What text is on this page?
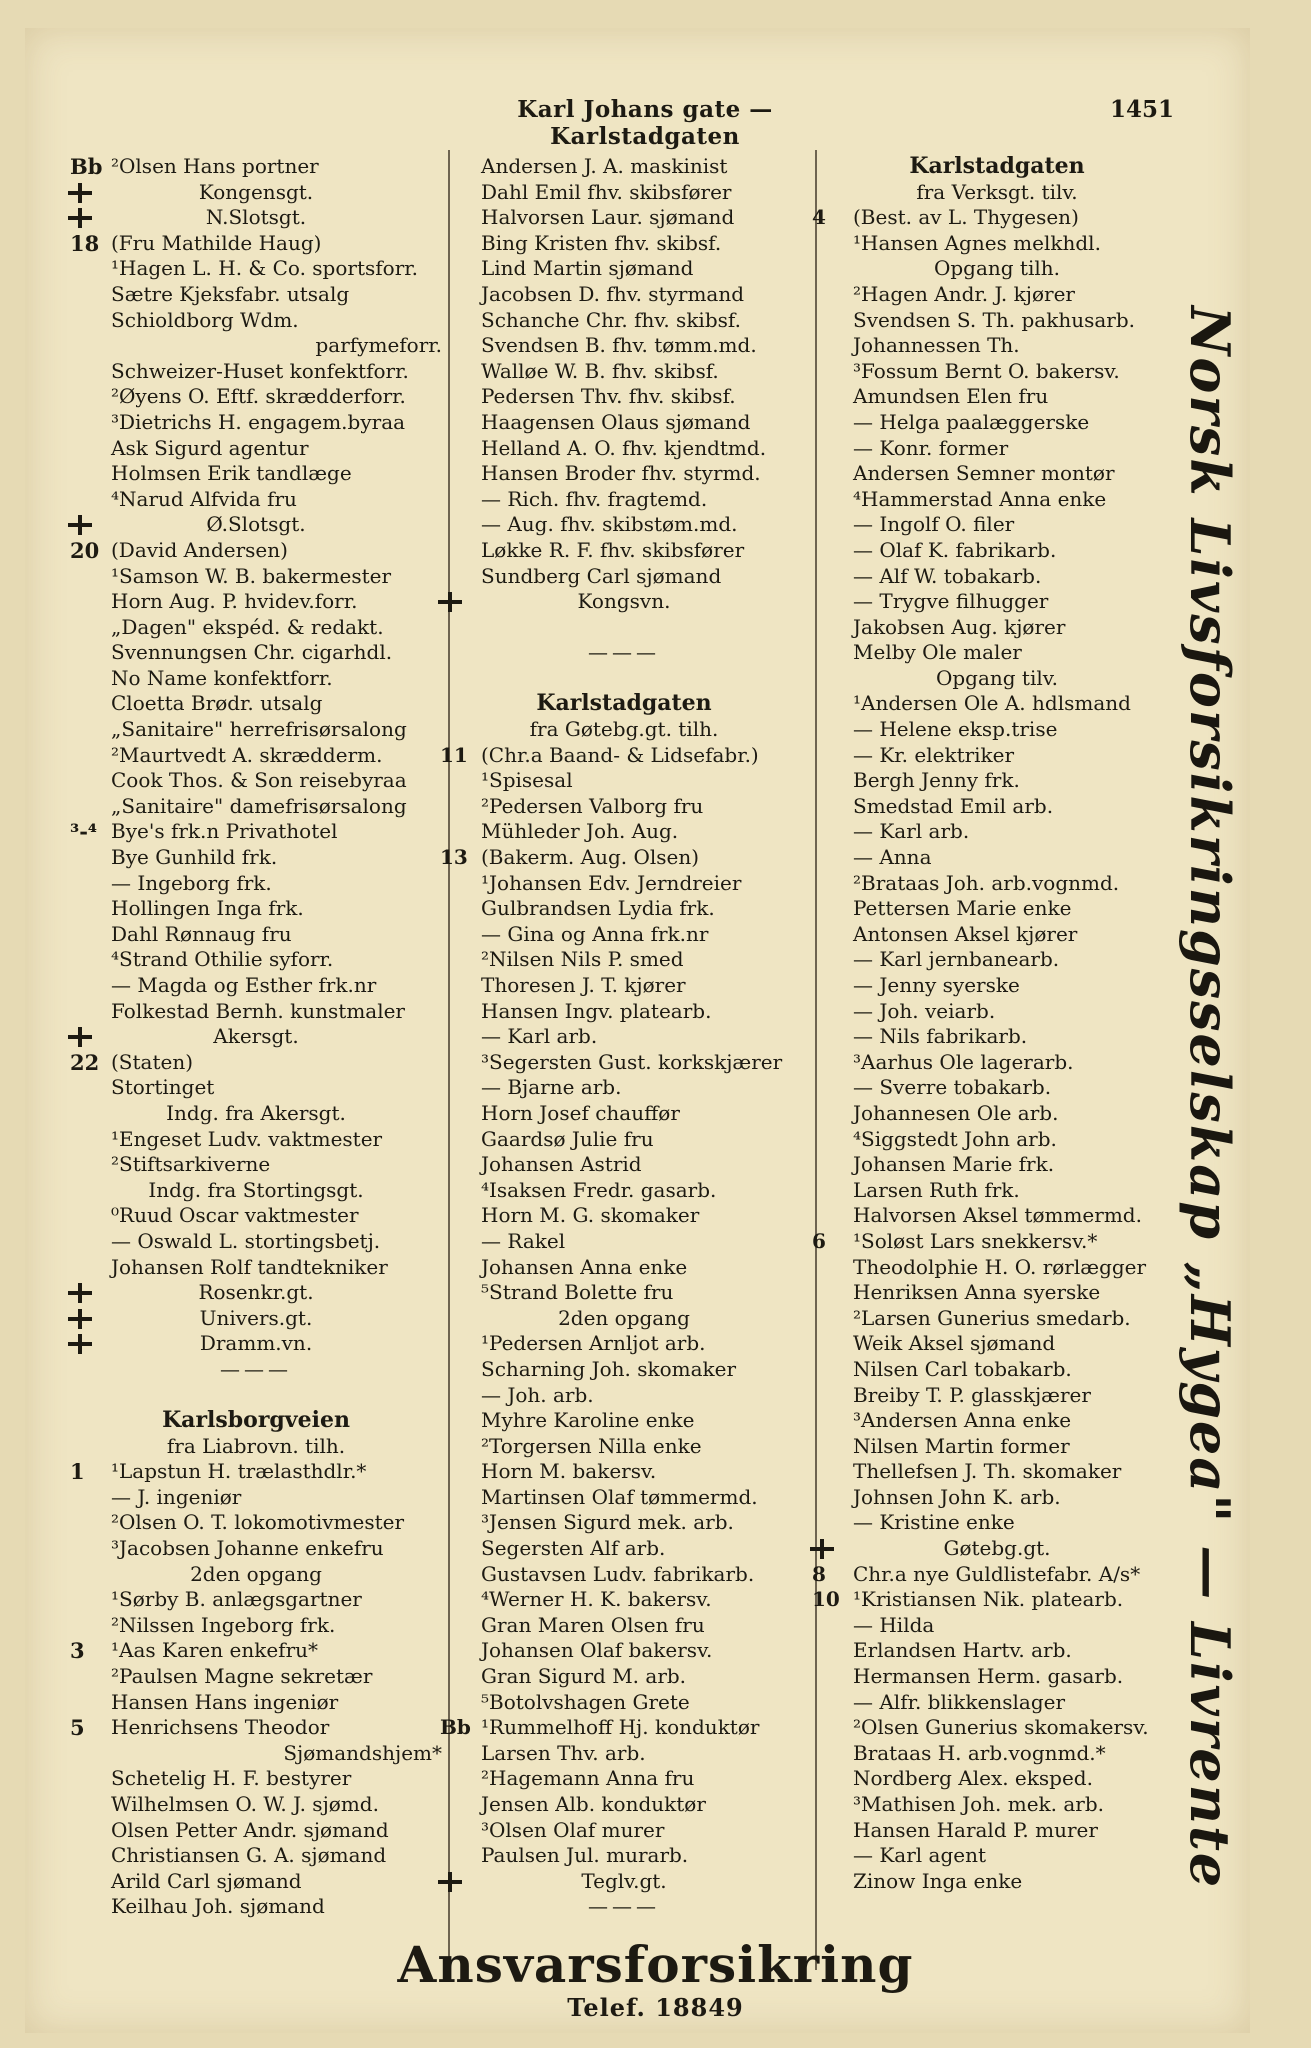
Karl Johans gate — Karlstadgaten
1451
Bb ²Olsen Hans portner
Kongensgt.
N.Slotsgt.
18 (Fru Mathilde Haug)
¹Hagen L. H. & Co. sportsforr.
Sætre Kjeksfabr. utsalg
Schioldborg Wdm.
parfymeforr.
Schweizer-Huset konfektforr.
²Øyens O. Eftf. skrædderforr.
³Dietrichs H. engagem.byraa
Ask Sigurd agentur
Holmsen Erik tandlæge
⁴Narud Alfvida fru
Ø.Slotsgt.
20 (David Andersen)
¹Samson W. B. bakermester
Horn Aug. P. hvidev.forr.
„Dagen" ekspéd. & redakt.
Svennungsen Chr. cigarhdl.
No Name konfektforr.
Cloetta Brødr. utsalg
„Sanitaire" herrefrisørsalong
²Maurtvedt A. skrædderm.
Cook Thos. & Son reisebyraa
„Sanitaire" damefrisørsalong
³-⁴ Bye's frk.n Privathotel
Bye Gunhild frk.
— Ingeborg frk.
Hollingen Inga frk.
Dahl Rønnaug fru
⁴Strand Othilie syforr.
— Magda og Esther frk.nr
Folkestad Bernh. kunstmaler
Akersgt.
22 (Staten)
Stortinget
Indg. fra Akersgt.
¹Engeset Ludv. vaktmester
²Stiftsarkiverne
Indg. fra Stortingsgt.
⁰Ruud Oscar vaktmester
— Oswald L. stortingsbetj.
Johansen Rolf tandtekniker
Rosenkr.gt.
Univers.gt.
Dramm.vn.
———
Karlsborgveien
fra Liabrovn. tilh.
1 ¹Lapstun H. trælasthdlr.*
— J. ingeniør
²Olsen O. T. lokomotivmester
³Jacobsen Johanne enkefru
2den opgang
¹Sørby B. anlægsgartner
²Nilssen Ingeborg frk.
3 ¹Aas Karen enkefru*
²Paulsen Magne sekretær
Hansen Hans ingeniør
5 Henrichsens Theodor
Sjømandshjem*
Schetelig H. F. bestyrer
Wilhelmsen O. W. J. sjømd.
Olsen Petter Andr. sjømand
Christiansen G. A. sjømand
Arild Carl sjømand
Keilhau Joh. sjømand
Andersen J. A. maskinist
Dahl Emil fhv. skibsfører
Halvorsen Laur. sjømand
Bing Kristen fhv. skibsf.
Lind Martin sjømand
Jacobsen D. fhv. styrmand
Schanche Chr. fhv. skibsf.
Svendsen B. fhv. tømm.md.
Walløe W. B. fhv. skibsf.
Pedersen Thv. fhv. skibsf.
Haagensen Olaus sjømand
Helland A. O. fhv. kjendtmd.
Hansen Broder fhv. styrmd.
— Rich. fhv. fragtemd.
— Aug. fhv. skibstøm.md.
Løkke R. F. fhv. skibsfører
Sundberg Carl sjømand
Kongsvn.
———
Karlstadgaten
fra Gøtebg.gt. tilh.
11 (Chr.a Baand- & Lidsefabr.)
¹Spisesal
²Pedersen Valborg fru
Mühleder Joh. Aug.
13 (Bakerm. Aug. Olsen)
¹Johansen Edv. Jerndreier
Gulbrandsen Lydia frk.
— Gina og Anna frk.nr
²Nilsen Nils P. smed
Thoresen J. T. kjører
Hansen Ingv. platearb.
— Karl arb.
³Segersten Gust. korkskjærer
— Bjarne arb.
Horn Josef chauffør
Gaardsø Julie fru
Johansen Astrid
⁴Isaksen Fredr. gasarb.
Horn M. G. skomaker
— Rakel
Johansen Anna enke
⁵Strand Bolette fru
2den opgang
¹Pedersen Arnljot arb.
Scharning Joh. skomaker
— Joh. arb.
Myhre Karoline enke
²Torgersen Nilla enke
Horn M. bakersv.
Martinsen Olaf tømmermd.
³Jensen Sigurd mek. arb.
Segersten Alf arb.
Gustavsen Ludv. fabrikarb.
⁴Werner H. K. bakersv.
Gran Maren Olsen fru
Johansen Olaf bakersv.
Gran Sigurd M. arb.
⁵Botolvshagen Grete
Bb ¹Rummelhoff Hj. konduktør
Larsen Thv. arb.
²Hagemann Anna fru
Jensen Alb. konduktør
³Olsen Olaf murer
Paulsen Jul. murarb.
Teglv.gt.
———
Karlstadgaten
fra Verksgt. tilv.
4 (Best. av L. Thygesen)
¹Hansen Agnes melkhdl.
Opgang tilh.
²Hagen Andr. J. kjører
Svendsen S. Th. pakhusarb.
Johannessen Th.
³Fossum Bernt O. bakersv.
Amundsen Elen fru
— Helga paalæggerske
— Konr. former
Andersen Semner montør
⁴Hammerstad Anna enke
— Ingolf O. filer
— Olaf K. fabrikarb.
— Alf W. tobakarb.
— Trygve filhugger
Jakobsen Aug. kjører
Melby Ole maler
Opgang tilv.
¹Andersen Ole A. hdlsmand
— Helene eksp.trise
— Kr. elektriker
Bergh Jenny frk.
Smedstad Emil arb.
— Karl arb.
— Anna
²Brataas Joh. arb.vognmd.
Pettersen Marie enke
Antonsen Aksel kjører
— Karl jernbanearb.
— Jenny syerske
— Joh. veiarb.
— Nils fabrikarb.
³Aarhus Ole lagerarb.
— Sverre tobakarb.
Johannesen Ole arb.
⁴Siggstedt John arb.
Johansen Marie frk.
Larsen Ruth frk.
Halvorsen Aksel tømmermd.
6 ¹Soløst Lars snekkersv.*
Theodolphie H. O. rørlægger
Henriksen Anna syerske
²Larsen Gunerius smedarb.
Weik Aksel sjømand
Nilsen Carl tobakarb.
Breiby T. P. glasskjærer
³Andersen Anna enke
Nilsen Martin former
Thellefsen J. Th. skomaker
Johnsen John K. arb.
— Kristine enke
Gøtebg.gt.
8 Chr.a nye Guldlistefabr. A/s*
10 ¹Kristiansen Nik. platearb.
— Hilda
Erlandsen Hartv. arb.
Hermansen Herm. gasarb.
— Alfr. blikkenslager
²Olsen Gunerius skomakersv.
Brataas H. arb.vognmd.*
Nordberg Alex. eksped.
³Mathisen Joh. mek. arb.
Hansen Harald P. murer
— Karl agent
Zinow Inga enke	Norsk Livsforsikringsselskap „Hygea" — Livrente
Ansvarsforsikring
Telef. 18849
